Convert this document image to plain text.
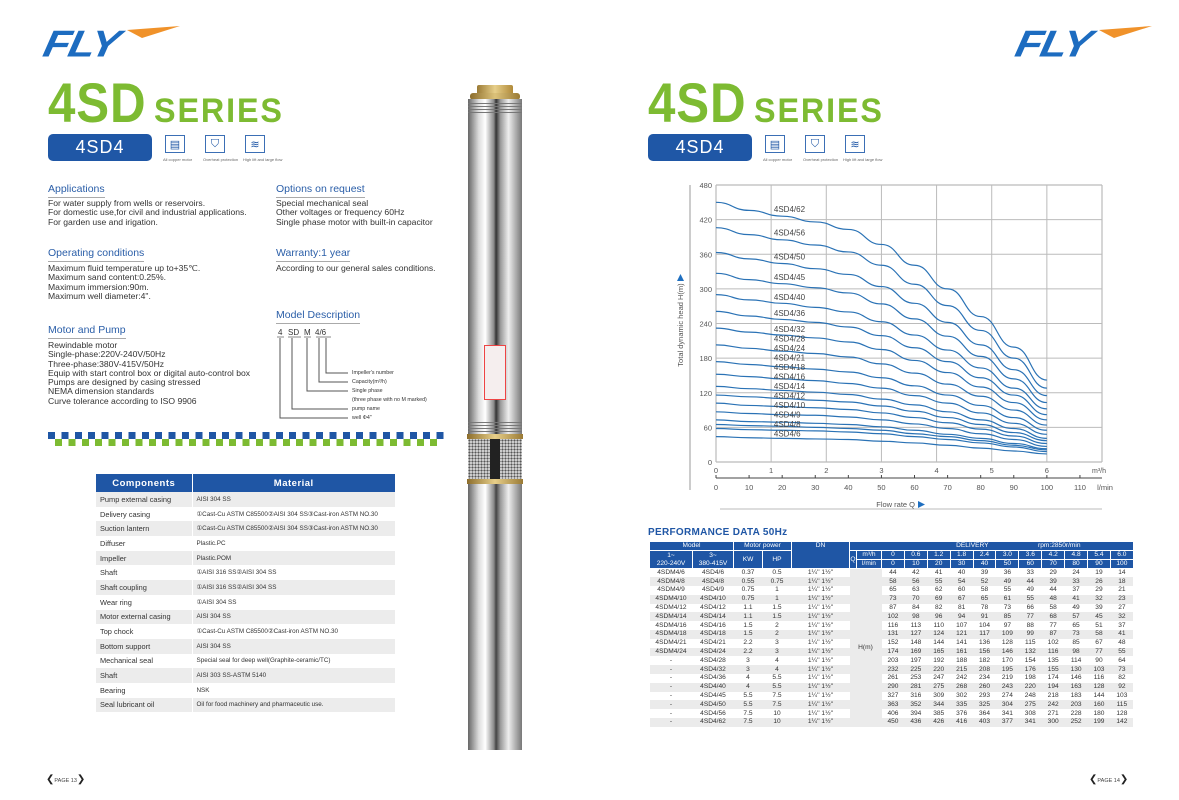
FLY
4SD SERIES
4SD4	▤
All copper motor
⛉
Overheat protection
≋
High lift and large flow
Applications
For water supply from wells or reservoirs.
For domestic use,for civil and industrial applications.
For garden use and irigation.
Options on request
Special mechanical seal
Other voltages or frequency 60Hz
Single phase motor with built-in capacitor
Operating conditions
Maximum fluid temperature up to+35℃.
Maximum sand content:0.25%.
Maximum immersion:90m.
Maximum well diameter:4".
Warranty:1 year
According to our general sales conditions.
Motor and Pump
Rewindable motor
Single-phase:220V-240V/50Hz
Three-phase:380V-415V/50Hz
Equip with start control box or digital auto-control box
Pumps are designed by casing stressed
NEMA dimension standards
Curve tolerance according to ISO 9906
Model Description
4 SD M 4/6
Impeller's number
Capacity(m³/h)
Single phase
(three phase with no M marked)
pump name
well Φ4"
Components	Material
Pump external casing	AISI 304 SS
Delivery casing	①Cast-Cu ASTM C85500②AISI 304 SS③Cast-iron ASTM NO.30
Suction lantern	①Cast-Cu ASTM C85500②AISI 304 SS③Cast-iron ASTM NO.30
Diffuser	Plastic.PC
Impeller	Plastic.POM
Shaft	①AISI 316 SS②AISI 304 SS
Shaft coupling	①AISI 316 SS②AISI 304 SS
Wear ring	①AISI 304 SS
Motor external casing	AISI 304 SS
Top chock	①Cast-Cu ASTM C85500②Cast-iron ASTM NO.30
Bottom support	AISI 304 SS
Mechanical seal	Special seal for deep well(Graphite-ceramic/TC)
Shaft	AISI 303 SS-ASTM 5140
Bearing	NSK
Seal lubricant oil	Oil for food machinery and pharmaceutic use.
❮PAGE 13❯
FLY
4SD SERIES
4SD4	▤
All copper motor
⛉
Overheat protection
≋
High lift and large flow
0
60
120
180
240
300
360
420
480
0	1	2	3	4	5	6	m³/h
0	10	20	30	40	50	60	70	80	90	100	110 l/min
Flow rate Q
Total dynamic head H(m)
4SD4/6
4SD4/8
4SD4/9
4SD4/10
4SD4/12
4SD4/14
4SD4/16
4SD4/18
4SD4/21
4SD4/24
4SD4/28
4SD4/32
4SD4/36
4SD4/40
4SD4/45
4SD4/50
4SD4/56
4SD4/62
PERFORMANCE DATA 50Hz
Model		Motor power		DN	DELIVERY rpm:2850r/min												
1~
220-240V	3~
380-415V	KW	HP		Q	m³/h	0	0.6	1.2	1.8	2.4	3.0	3.6	4.2	4.8	5.4	6.0
						l/min	0	10	20	30	40	50	60	70	80	90	100
4SDM4/6	4SD4/6	0.37	0.5	1¼'' 1½''	H(m)		44	42	41	40	39	36	33	29	24	19	14
4SDM4/8	4SD4/8	0.55	0.75	1¼'' 1½''			58	56	55	54	52	49	44	39	33	26	18
4SDM4/9	4SD4/9	0.75	1	1¼'' 1½''			65	63	62	60	58	55	49	44	37	29	21
4SDM4/10	4SD4/10	0.75	1	1¼'' 1½''			73	70	69	67	65	61	55	48	41	32	23
4SDM4/12	4SD4/12	1.1	1.5	1¼'' 1½''			87	84	82	81	78	73	66	58	49	39	27
4SDM4/14	4SD4/14	1.1	1.5	1¼'' 1½''			102	98	96	94	91	85	77	68	57	45	32
4SDM4/16	4SD4/16	1.5	2	1¼'' 1½''			116	113	110	107	104	97	88	77	65	51	37
4SDM4/18	4SD4/18	1.5	2	1¼'' 1½''			131	127	124	121	117	109	99	87	73	58	41
4SDM4/21	4SD4/21	2.2	3	1¼'' 1½''			152	148	144	141	136	128	115	102	85	67	48
4SDM4/24	4SD4/24	2.2	3	1¼'' 1½''			174	169	165	161	156	146	132	116	98	77	55
-	4SD4/28	3	4	1¼'' 1½''			203	197	192	188	182	170	154	135	114	90	64
-	4SD4/32	3	4	1¼'' 1½''			232	225	220	215	208	195	176	155	130	103	73
-	4SD4/36	4	5.5	1¼'' 1½''			261	253	247	242	234	219	198	174	146	116	82
-	4SD4/40	4	5.5	1¼'' 1½''			290	281	275	268	260	243	220	194	163	128	92
-	4SD4/45	5.5	7.5	1¼'' 1½''			327	316	309	302	293	274	248	218	183	144	103
-	4SD4/50	5.5	7.5	1¼'' 1½''			363	352	344	335	325	304	275	242	203	160	115
-	4SD4/56	7.5	10	1¼'' 1½''			406	394	385	376	364	341	308	271	228	180	128
-	4SD4/62	7.5	10	1¼'' 1½''			450	436	426	416	403	377	341	300	252	199	142
❮PAGE 14❯
